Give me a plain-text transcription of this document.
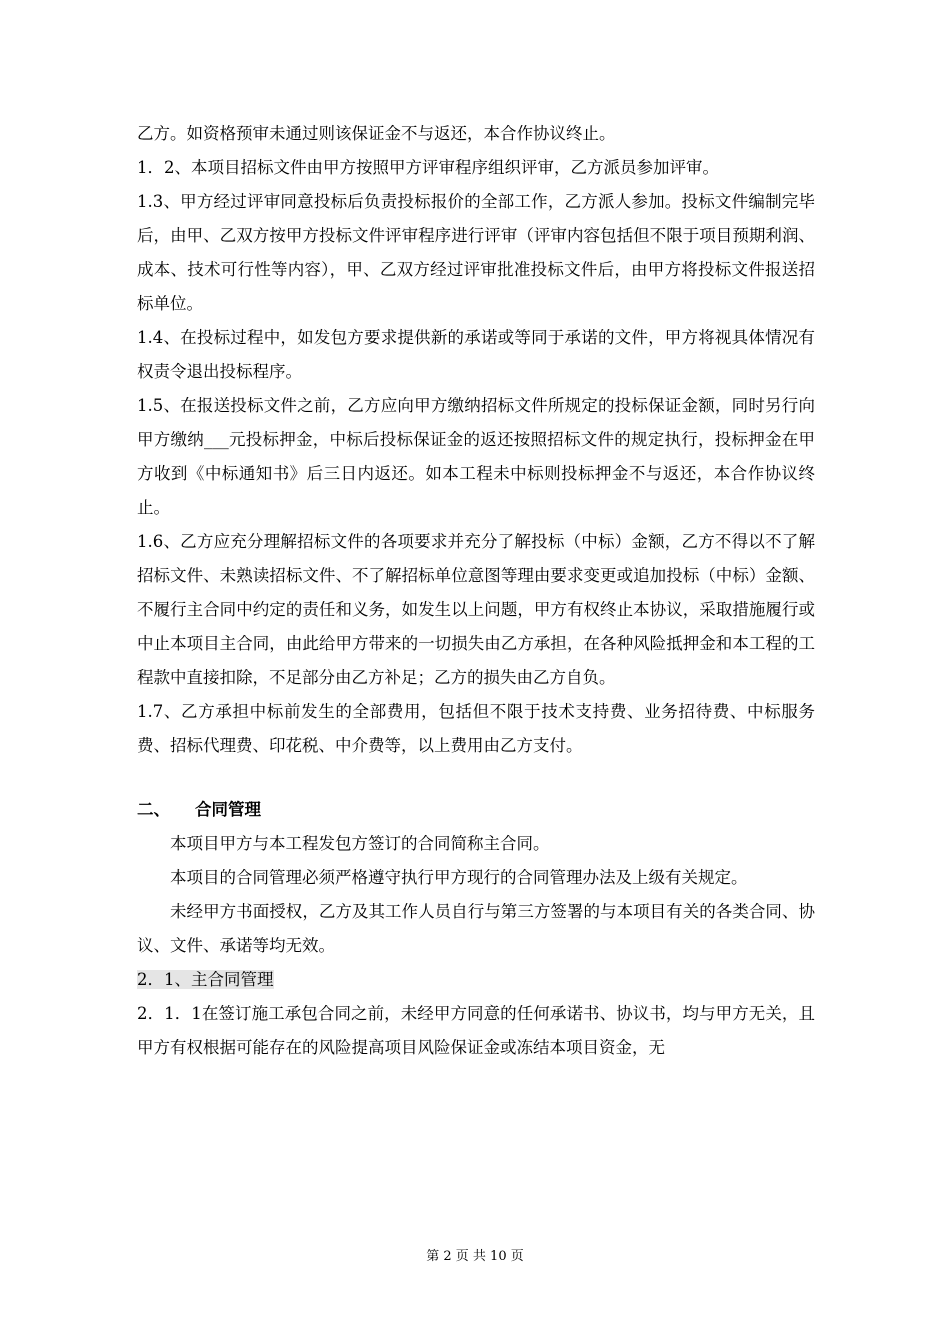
乙方。如资格预审未通过则该保证金不与返还，本合作协议终止。

1．2、本项目招标文件由甲方按照甲方评审程序组织评审，乙方派员参加评审。

1.3、甲方经过评审同意投标后负责投标报价的全部工作，乙方派人参加。投标文件编制完毕后，由甲、乙双方按甲方投标文件评审程序进行评审（评审内容包括但不限于项目预期利润、成本、技术可行性等内容），甲、乙双方经过评审批准投标文件后，由甲方将投标文件报送招标单位。

1.4、在投标过程中，如发包方要求提供新的承诺或等同于承诺的文件，甲方将视具体情况有权责令退出投标程序。

1.5、在报送投标文件之前，乙方应向甲方缴纳招标文件所规定的投标保证金额，同时另行向甲方缴纳___元投标押金，中标后投标保证金的返还按照招标文件的规定执行，投标押金在甲方收到《中标通知书》后三日内返还。如本工程未中标则投标押金不与返还，本合作协议终止。

1.6、乙方应充分理解招标文件的各项要求并充分了解投标（中标）金额，乙方不得以不了解招标文件、未熟读招标文件、不了解招标单位意图等理由要求变更或追加投标（中标）金额、不履行主合同中约定的责任和义务，如发生以上问题，甲方有权终止本协议，采取措施履行或中止本项目主合同，由此给甲方带来的一切损失由乙方承担，在各种风险抵押金和本工程的工程款中直接扣除，不足部分由乙方补足；乙方的损失由乙方自负。

1.7、乙方承担中标前发生的全部费用，包括但不限于技术支持费、业务招待费、中标服务费、招标代理费、印花税、中介费等，以上费用由乙方支付。

二、	合同管理

本项目甲方与本工程发包方签订的合同简称主合同。

本项目的合同管理必须严格遵守执行甲方现行的合同管理办法及上级有关规定。

未经甲方书面授权，乙方及其工作人员自行与第三方签署的与本项目有关的各类合同、协议、文件、承诺等均无效。

2．1、主合同管理

2．1．1在签订施工承包合同之前，未经甲方同意的任何承诺书、协议书，均与甲方无关，且甲方有权根据可能存在的风险提高项目风险保证金或冻结本项目资金，无

第 2 页 共 10 页
